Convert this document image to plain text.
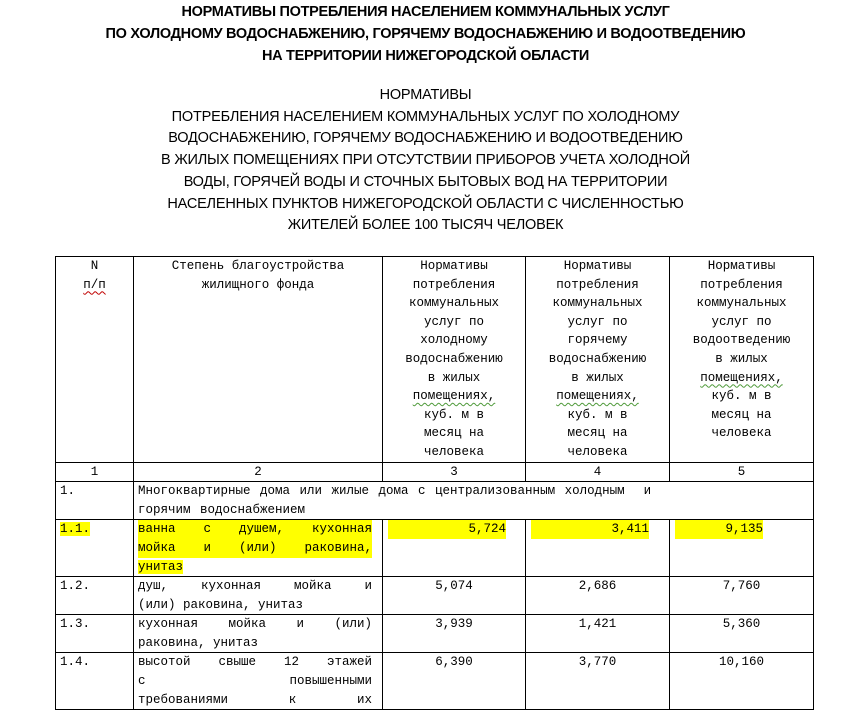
НОРМАТИВЫ ПОТРЕБЛЕНИЯ НАСЕЛЕНИЕМ КОММУНАЛЬНЫХ УСЛУГ
ПО ХОЛОДНОМУ ВОДОСНАБЖЕНИЮ, ГОРЯЧЕМУ ВОДОСНАБЖЕНИЮ И ВОДООТВЕДЕНИЮ
НА ТЕРРИТОРИИ НИЖЕГОРОДСКОЙ ОБЛАСТИ
НОРМАТИВЫ
ПОТРЕБЛЕНИЯ НАСЕЛЕНИЕМ КОММУНАЛЬНЫХ УСЛУГ ПО ХОЛОДНОМУ
ВОДОСНАБЖЕНИЮ, ГОРЯЧЕМУ ВОДОСНАБЖЕНИЮ И ВОДООТВЕДЕНИЮ
В ЖИЛЫХ ПОМЕЩЕНИЯХ ПРИ ОТСУТСТВИИ ПРИБОРОВ УЧЕТА ХОЛОДНОЙ
ВОДЫ, ГОРЯЧЕЙ ВОДЫ И СТОЧНЫХ БЫТОВЫХ ВОД НА ТЕРРИТОРИИ
НАСЕЛЕННЫХ ПУНКТОВ НИЖЕГОРОДСКОЙ ОБЛАСТИ С ЧИСЛЕННОСТЬЮ
ЖИТЕЛЕЙ БОЛЕЕ 100 ТЫСЯЧ ЧЕЛОВЕК
N
п/п

Степень благоустройства
жилищного фонда

Нормативы
потребления
коммунальных
услуг по
холодному
водоснабжению
в жилых
помещениях,
куб. м в
месяц на
человека

Нормативы
потребления
коммунальных
услуг по
горячему
водоснабжению
в жилых
помещениях,
куб. м в
месяц на
человека

Нормативы
потребления
коммунальных
услуг по
водоотведению
в жилых
помещениях,
куб. м в
месяц на
человека

1	2	3	4	5
1.	Многоквартирные дома или жилые дома с централизованным холодным  и
горячим водоснабжением			

1.1.	ванна с душем, кухонная
мойка и (или) раковина,
унитаз	5,724	3,411	9,135

1.2.	душ, кухонная мойка и
(или) раковина, унитаз	5,074	2,686	7,760
1.3.	кухонная мойка и (или)
раковина, унитаз	3,939	1,421	5,360
1.4.	высотой свыше 12 этажей
с повышенными
требованиями к их	6,390	3,770	10,160
